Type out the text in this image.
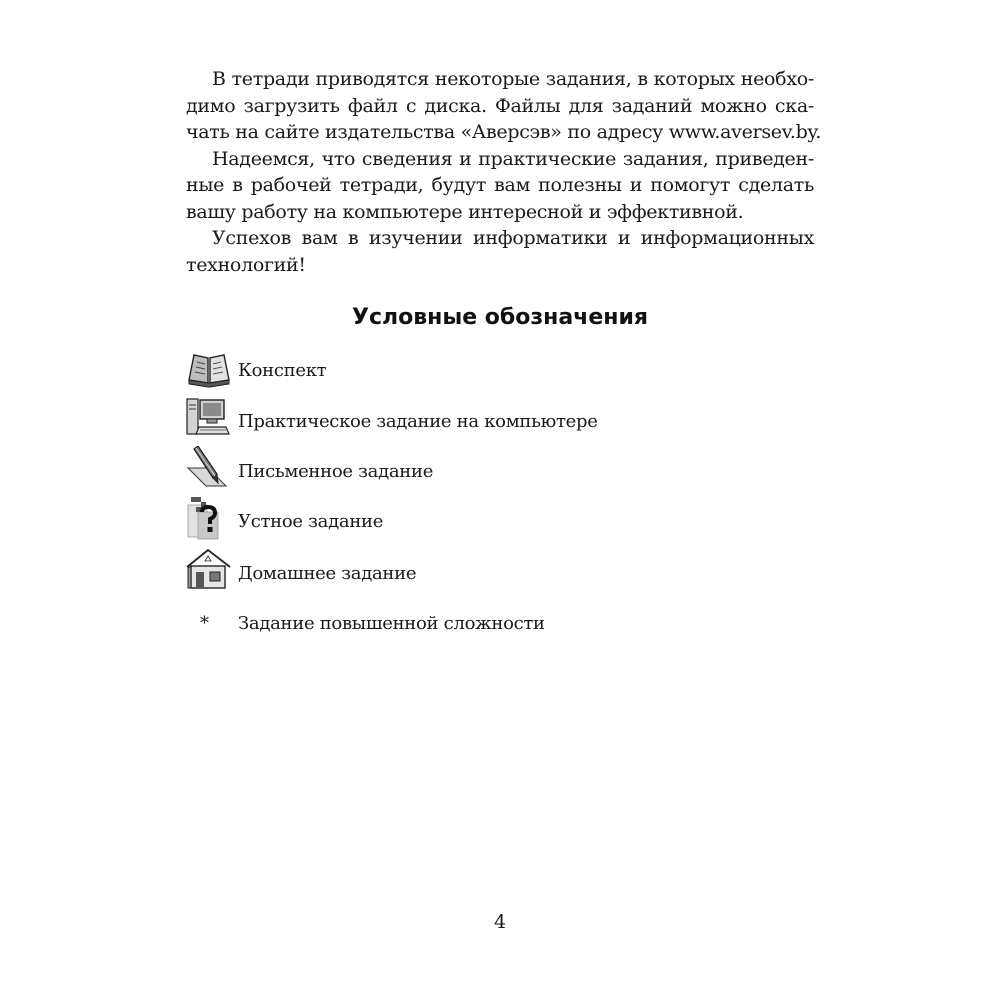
В тетради приводятся некоторые задания, в которых необхо-
димо загрузить файл с диска. Файлы для заданий можно ска-
чать на сайте издательства «Аверсэв» по адресу www.aversev.by.

Надеемся, что сведения и практические задания, приведен-
ные в рабочей тетради, будут вам полезны и помогут сделать
вашу работу на компьютере интересной и эффективной.

Успехов вам в изучении информатики и информационных
технологий!

Условные обозначения
Конспект
Практическое задание на компьютере
Письменное задание
Устное задание
Домашнее задание
* Задание повышенной сложности
4
